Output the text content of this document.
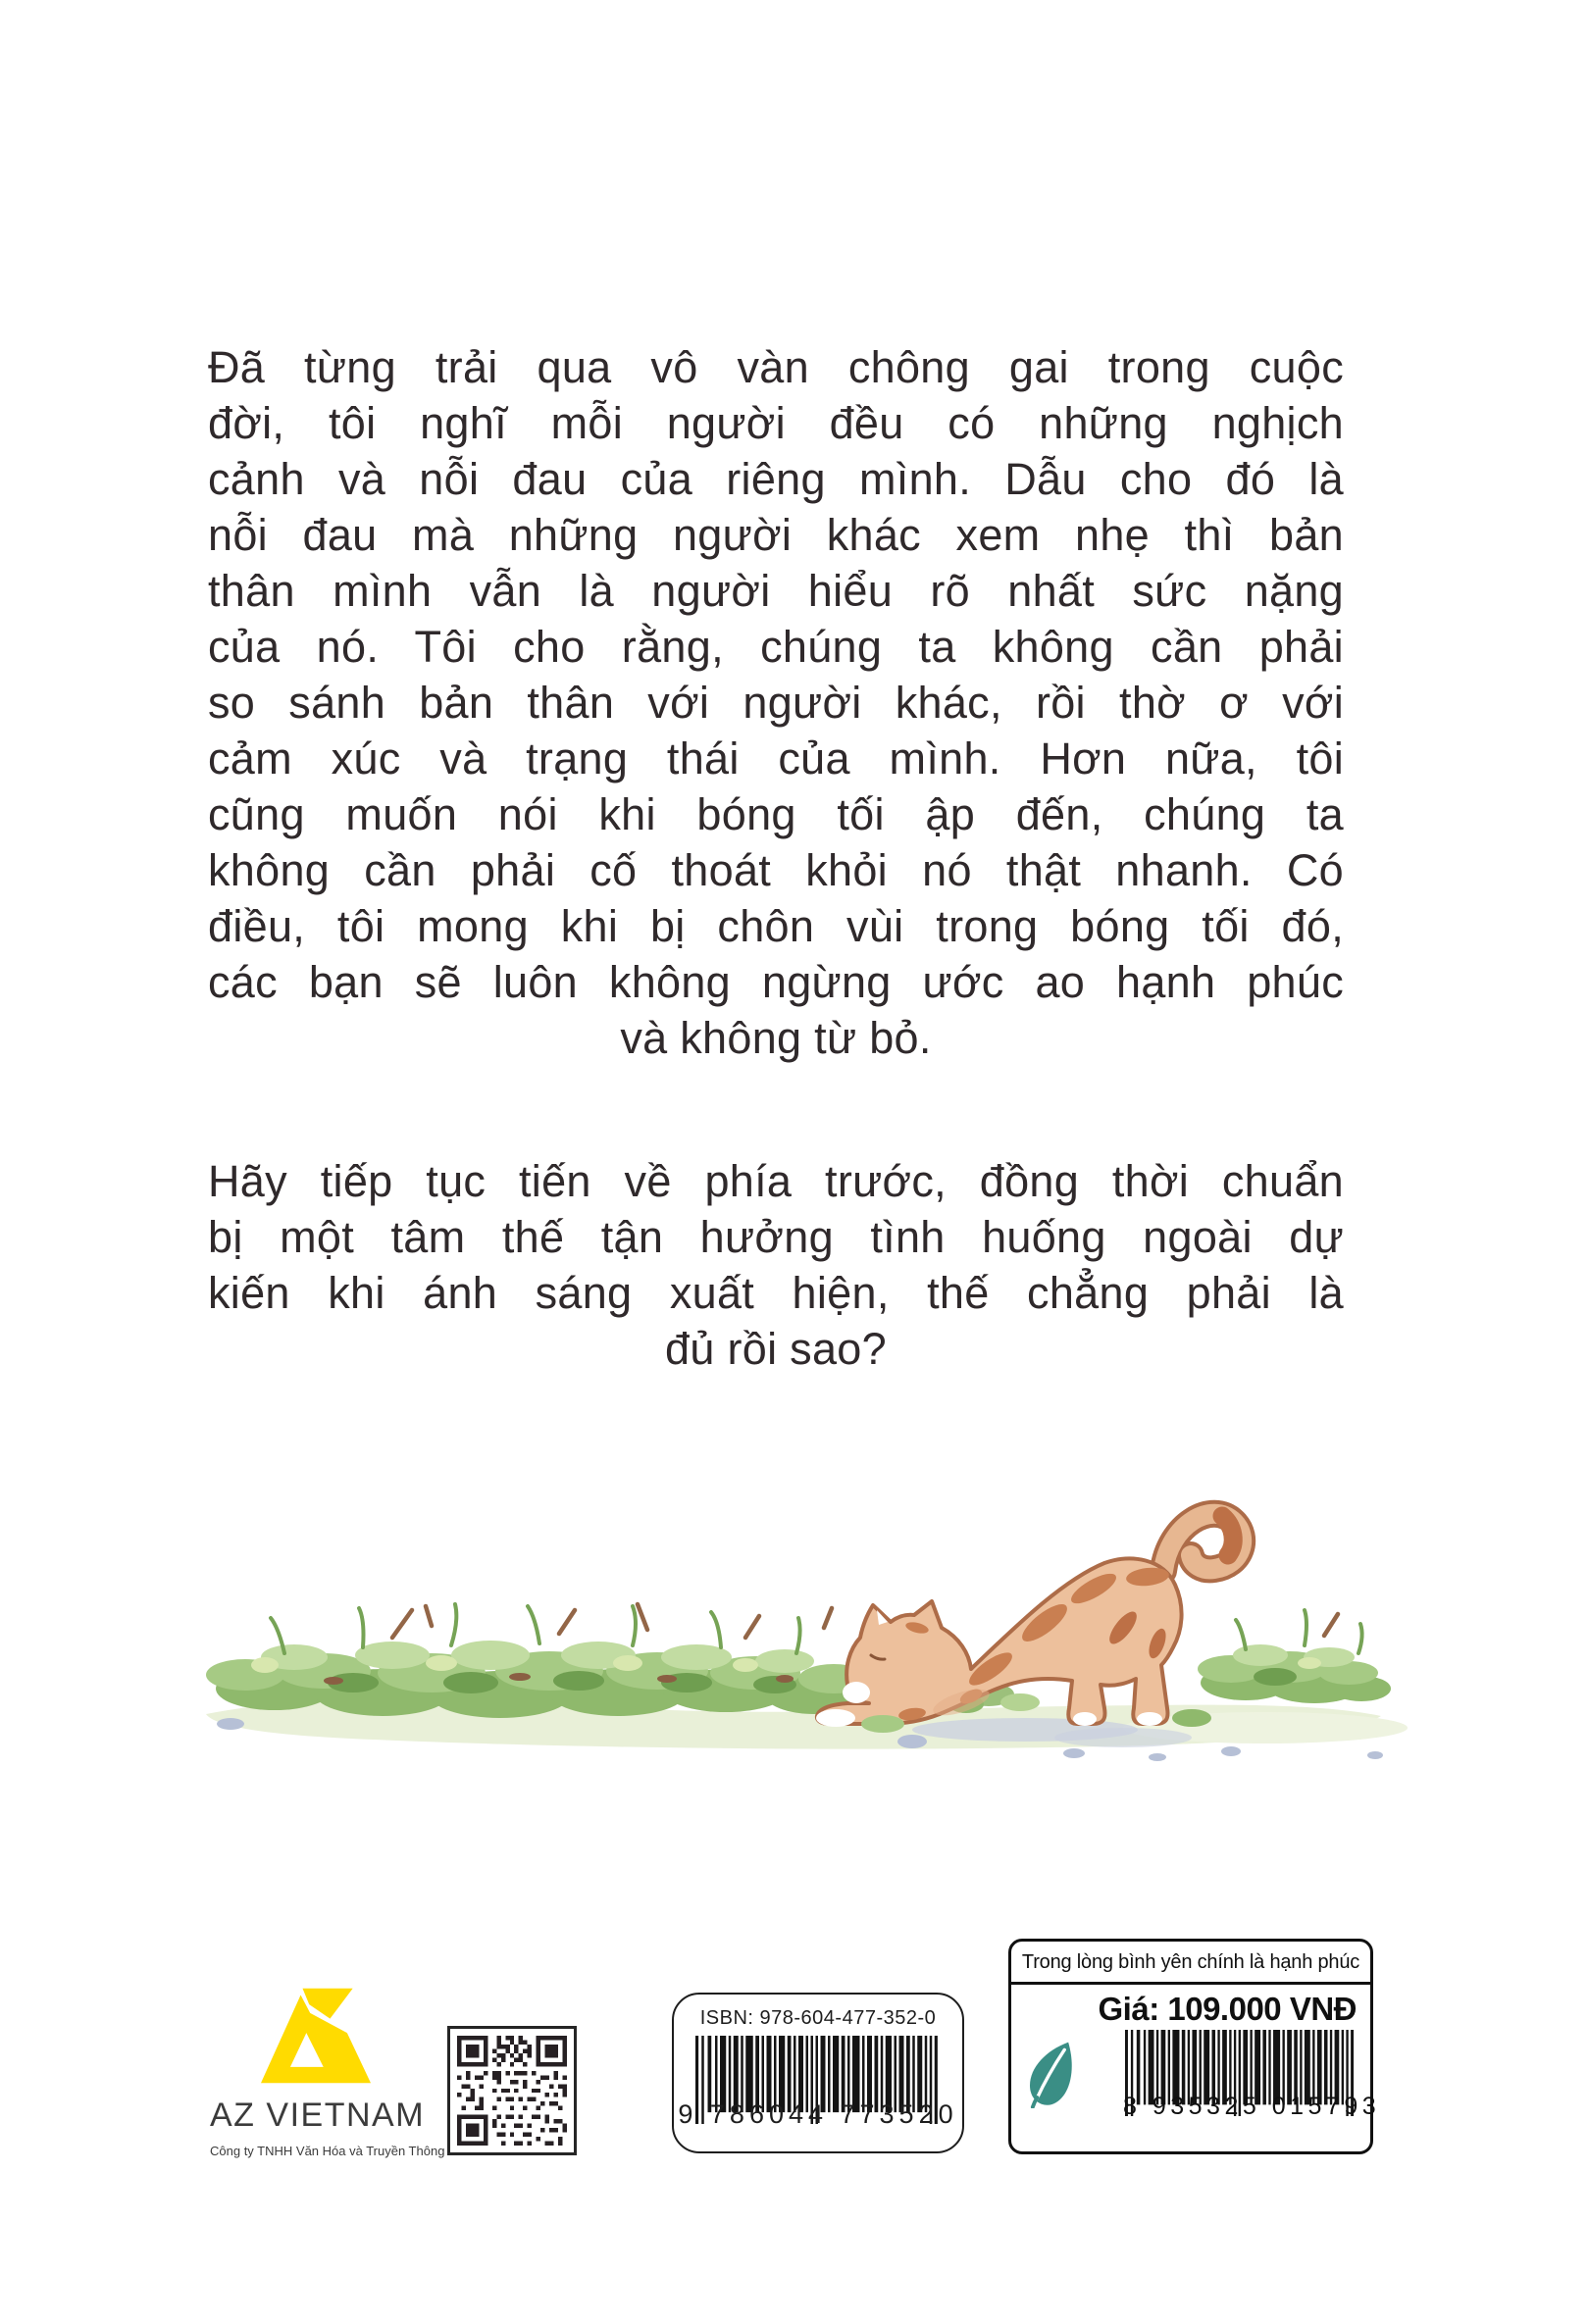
Đã từng trải qua vô vàn chông gai trong cuộc
đời, tôi nghĩ mỗi người đều có những nghịch
cảnh và nỗi đau của riêng mình. Dẫu cho đó là
nỗi đau mà những người khác xem nhẹ thì bản
thân mình vẫn là người hiểu rõ nhất sức nặng
của nó. Tôi cho rằng, chúng ta không cần phải
so sánh bản thân với người khác, rồi thờ ơ với
cảm xúc và trạng thái của mình. Hơn nữa, tôi
cũng muốn nói khi bóng tối ập đến, chúng ta
không cần phải cố thoát khỏi nó thật nhanh. Có
điều, tôi mong khi bị chôn vùi trong bóng tối đó,
các bạn sẽ luôn không ngừng ước ao hạnh phúc
và không từ bỏ.
Hãy tiếp tục tiến về phía trước, đồng thời chuẩn
bị một tâm thế tận hưởng tình huống ngoài dự
kiến khi ánh sáng xuất hiện, thế chẳng phải là
đủ rồi sao?
AZ VIETNAM
Công ty TNHH Văn Hóa và Truyền Thông
ISBN: 978-604-477-352-0
9 786044 773520
Trong lòng bình yên chính là hạnh phúc
Giá: 109.000 VNĐ
8 935325 015793
